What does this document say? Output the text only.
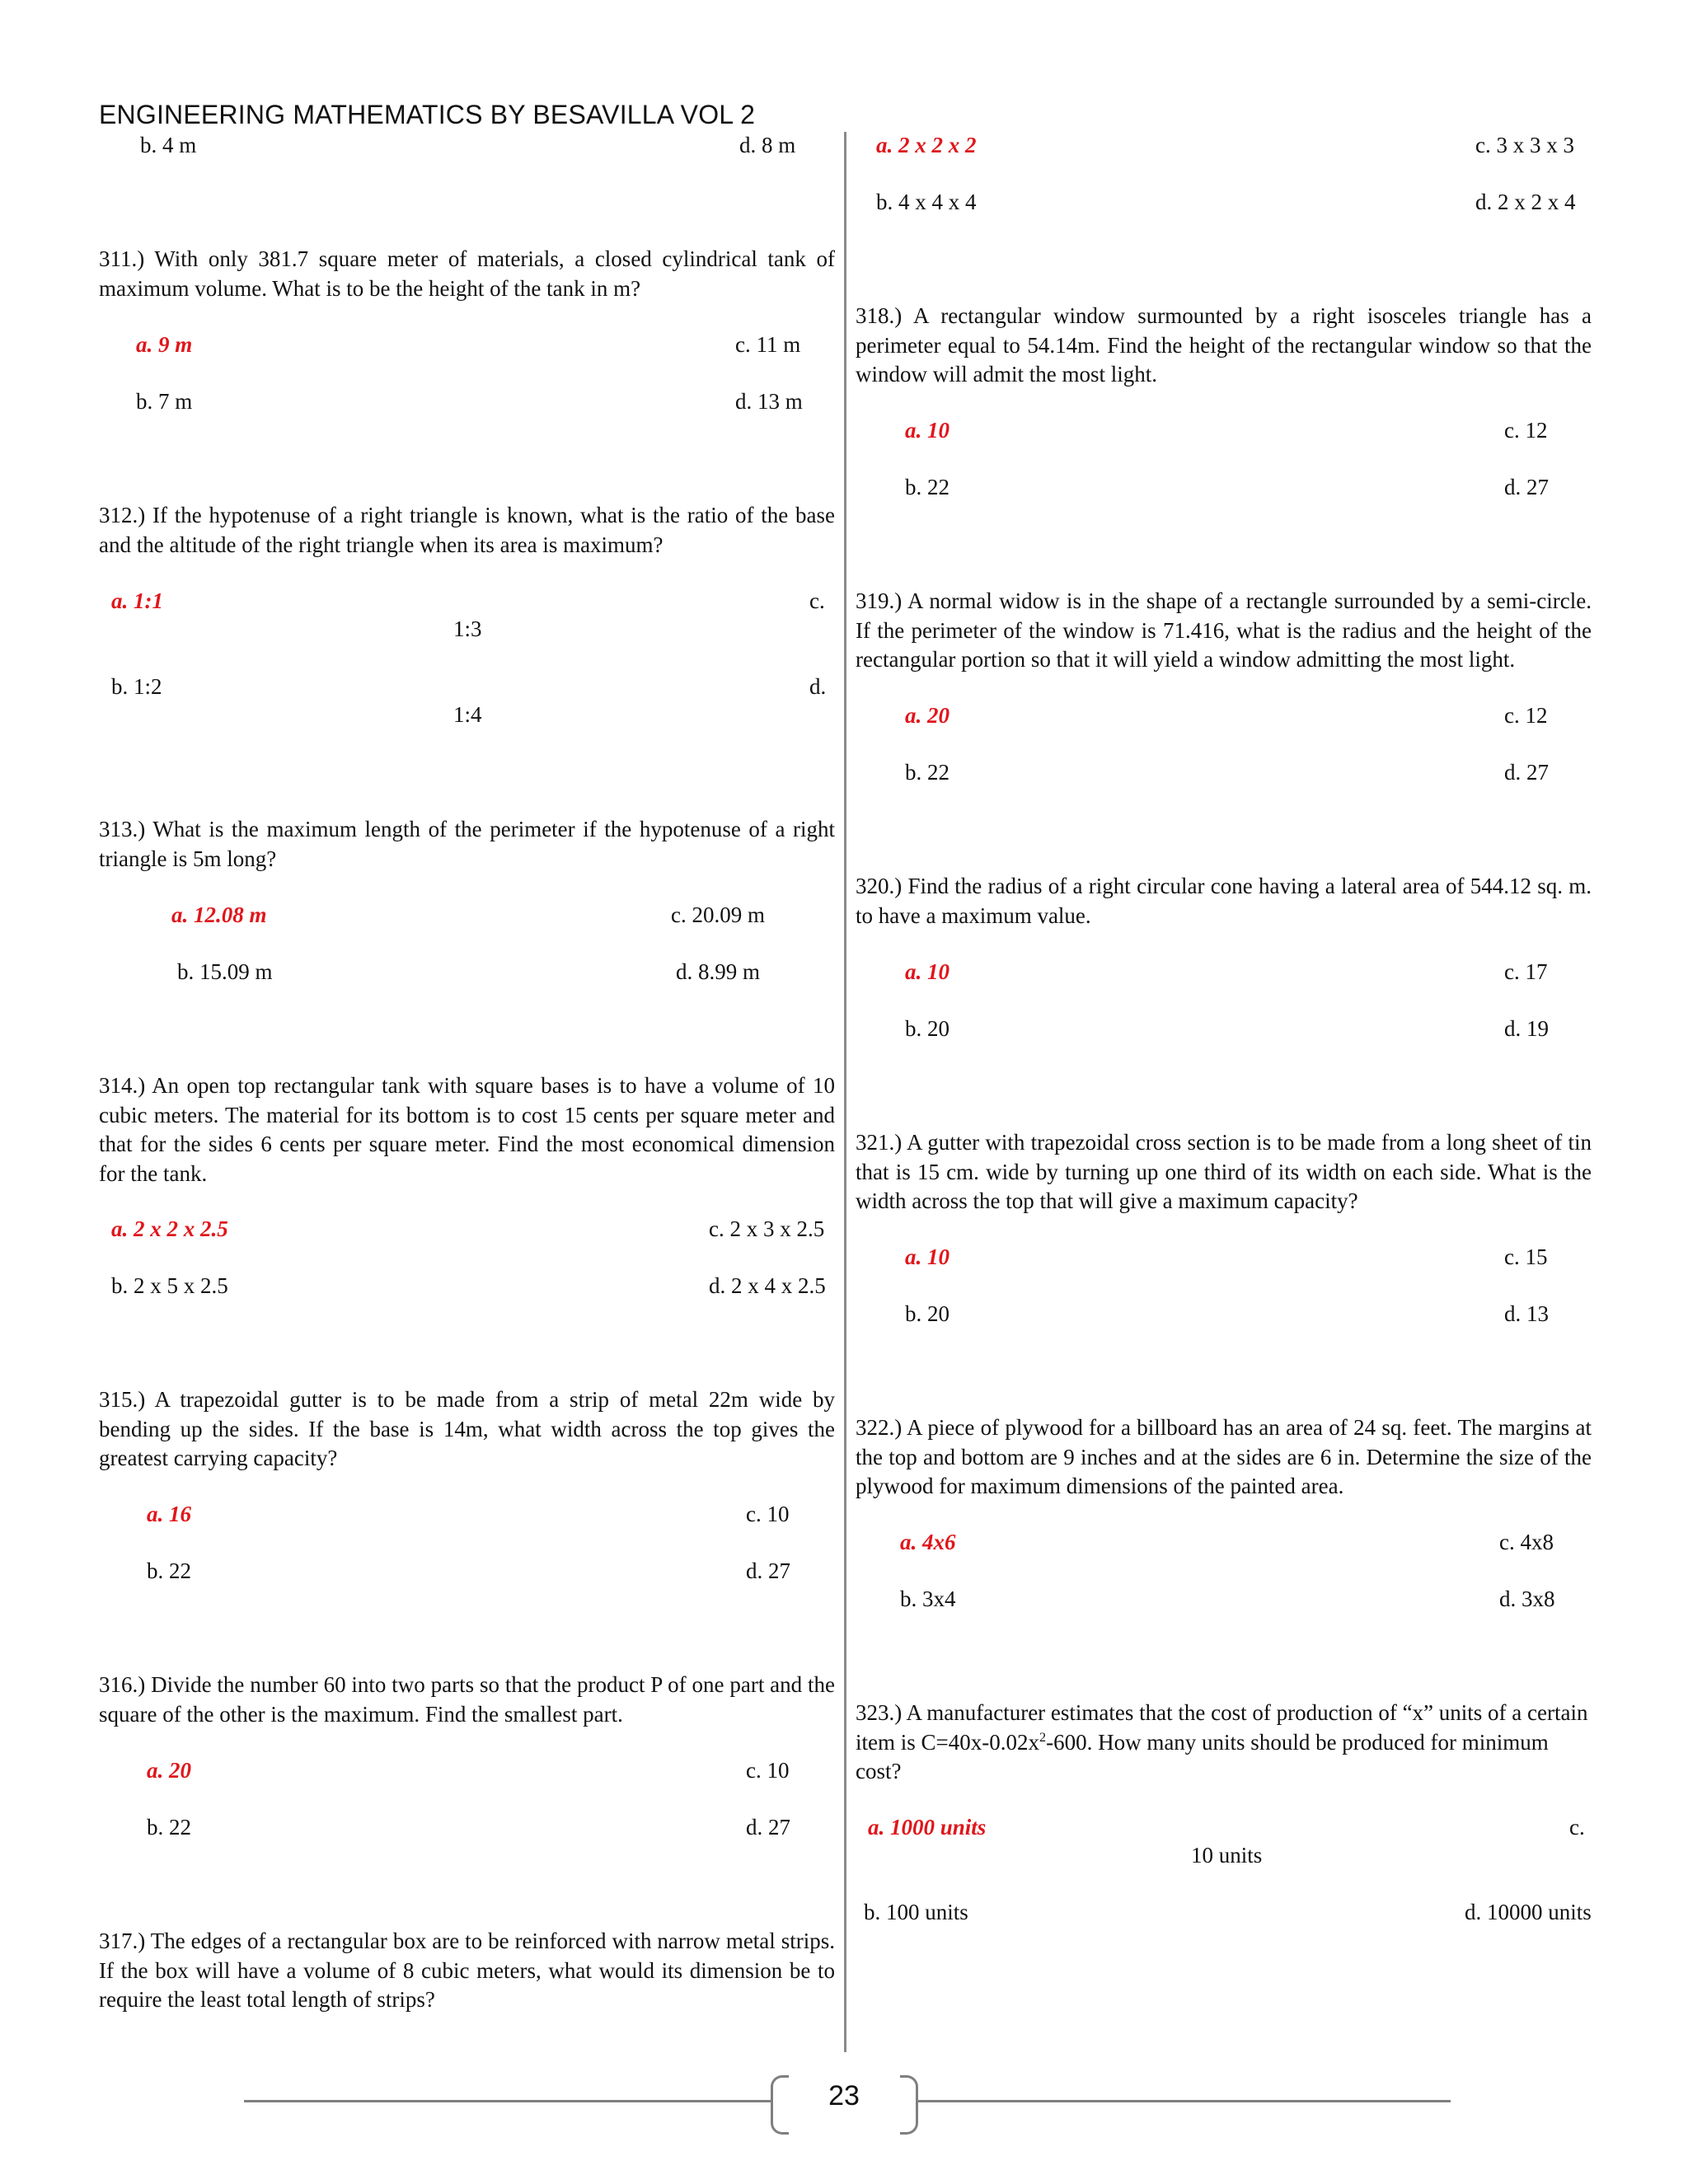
ENGINEERING MATHEMATICS BY BESAVILLA VOL 2
b. 4 m	d. 8 m

311.) With only 381.7 square meter of materials, a closed cylindrical tank of maximum volume. What is to be the height of the tank in m?

a. 9 m	c. 11 m
b. 7 m	d. 13 m

312.) If the hypotenuse of a right triangle is known, what is the ratio of the base and the altitude of the right triangle when its area is maximum?

a. 1:1	c.
1:3
b. 1:2	d.
1:4

313.) What is the maximum length of the perimeter if the hypotenuse of a right triangle is 5m long?

a. 12.08 m	c. 20.09 m
b. 15.09 m	d. 8.99 m

314.) An open top rectangular tank with square bases is to have a volume of 10 cubic meters. The material for its bottom is to cost 15 cents per square meter and that for the sides 6 cents per square meter. Find the most economical dimension for the tank.

a. 2 x 2 x 2.5	c. 2 x 3 x 2.5
b. 2 x 5 x 2.5	d. 2 x 4 x 2.5

315.) A trapezoidal gutter is to be made from a strip of metal 22m wide by bending up the sides. If the base is 14m, what width across the top gives the greatest carrying capacity?

a. 16	c. 10
b. 22	d. 27

316.) Divide the number 60 into two parts so that the product P of one part and the square of the other is the maximum. Find the smallest part.

a. 20	c. 10
b. 22	d. 27

317.) The edges of a rectangular box are to be reinforced with narrow metal strips. If the box will have a volume of 8 cubic meters, what would its dimension be to require the least total length of strips?

a. 2 x 2 x 2	c. 3 x 3 x 3
b. 4 x 4 x 4	d. 2 x 2 x 4

318.) A rectangular window surmounted by a right isosceles triangle has a perimeter equal to 54.14m. Find the height of the rectangular window so that the window will admit the most light.

a. 10	c. 12
b. 22	d. 27

319.) A normal widow is in the shape of a rectangle surrounded by a semi-circle. If the perimeter of the window is 71.416, what is the radius and the height of the rectangular portion so that it will yield a window admitting the most light.

a. 20	c. 12
b. 22	d. 27

320.) Find the radius of a right circular cone having a lateral area of 544.12 sq. m. to have a maximum value.

a. 10	c. 17
b. 20	d. 19

321.) A gutter with trapezoidal cross section is to be made from a long sheet of tin that is 15 cm. wide by turning up one third of its width on each side. What is the width across the top that will give a maximum capacity?

a. 10	c. 15
b. 20	d. 13

322.) A piece of plywood for a billboard has an area of 24 sq. feet. The margins at the top and bottom are 9 inches and at the sides are 6 in. Determine the size of the plywood for maximum dimensions of the painted area.

a. 4x6	c. 4x8
b. 3x4	d. 3x8

323.) A manufacturer estimates that the cost of production of “x” units of a certain item is $C=40x-0.02x^2-600$. How many units should be produced for minimum cost?

a. 1000 units	c.
10 units
b. 100 units	d. 10000 units
23
